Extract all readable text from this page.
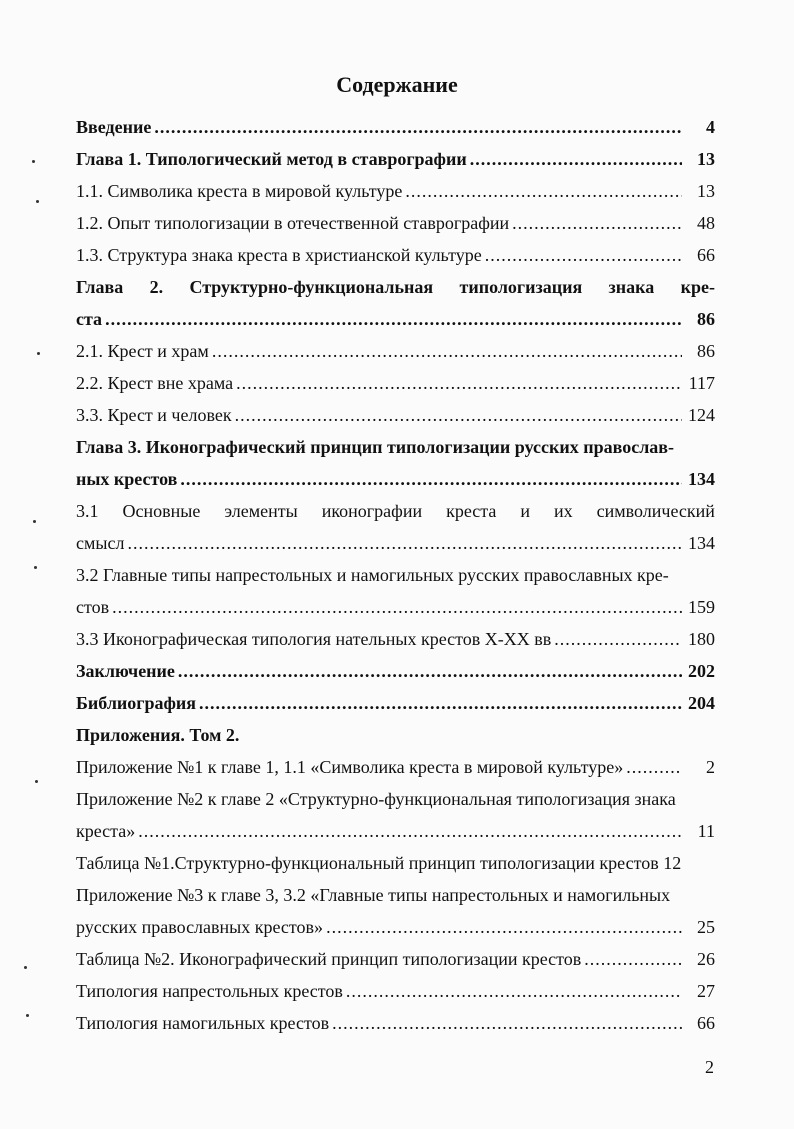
Содержание
Введение .....	4
Глава 1. Типологический метод в ставрографии .....	13
1.1. Символика креста в мировой культуре .....	13
1.2. Опыт типологизации в отечественной ставрографии .....	48
1.3. Структура знака креста в христианской культуре .....	66
Глава 2. Структурно-функциональная типологизация знака кре-
ста .....	86
2.1. Крест и храм .....	86
2.2. Крест вне храма .....	117
3.3. Крест и человек .....	124
Глава 3. Иконографический принцип типологизации русских православ-
ных крестов .....	134
3.1 Основные элементы иконографии креста и их символический
смысл .....	134
3.2 Главные типы напрестольных и намогильных русских православных кре-
стов .....	159
3.3 Иконографическая типология нательных крестов Х-ХХ вв .....	180
Заключение .....	202
Библиография .....	204
Приложения. Том 2.
Приложение №1 к главе 1, 1.1 «Символика креста в мировой культуре» .....	2
Приложение №2 к главе 2 «Структурно-функциональная типологизация знака
креста» .....	11
Таблица №1.Структурно-функциональный принцип типологизации крестов 12
Приложение №3 к главе 3, 3.2 «Главные типы напрестольных и намогильных
русских православных крестов» .....	25
Таблица №2. Иконографический принцип типологизации крестов .....	26
Типология напрестольных крестов .....	27
Типология намогильных крестов .....	66
2
